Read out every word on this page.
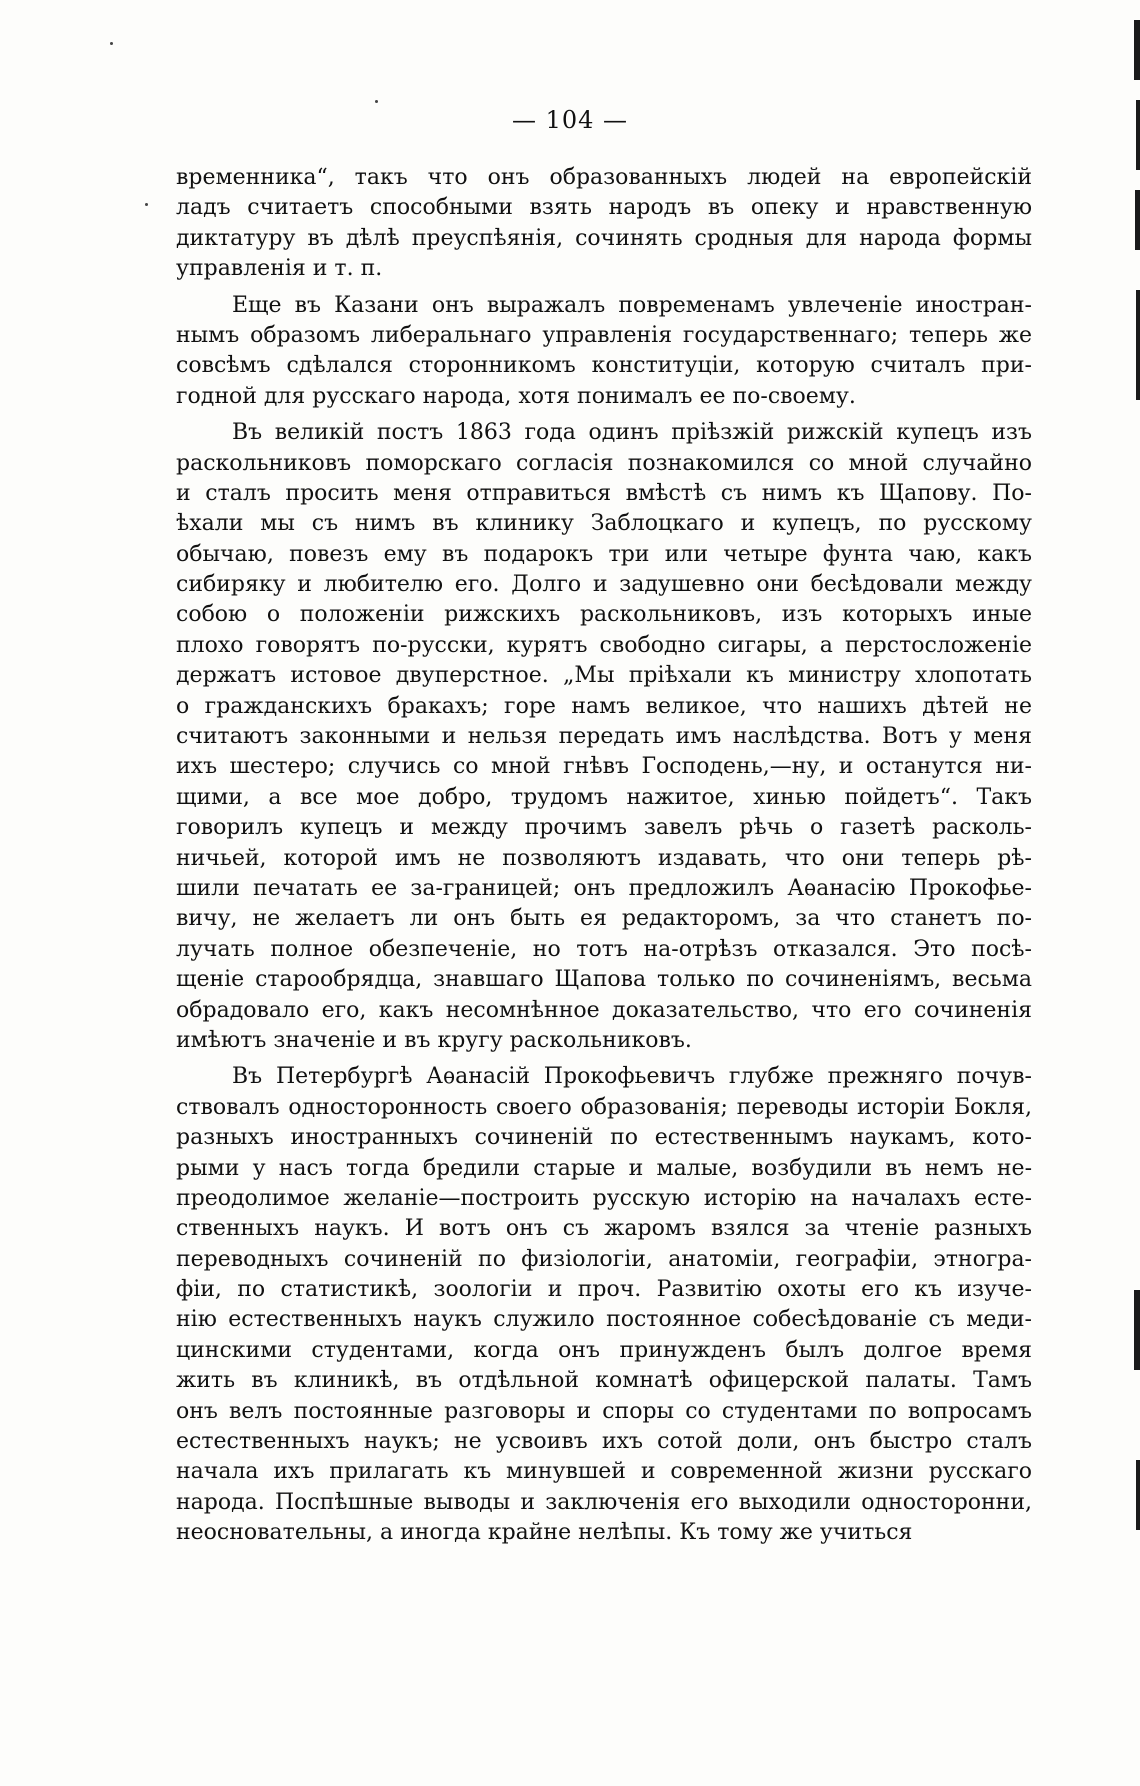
— 104 —
временника“, такъ что онъ образованныхъ людей на европейскій
ладъ считаетъ способными взять народъ въ опеку и нравственную
диктатуру въ дѣлѣ преуспѣянія, сочинять сродныя для народа формы
управленія и т. п.
Еще въ Казани онъ выражалъ повременамъ увлеченіе иностран-
нымъ образомъ либеральнаго управленія государственнаго; теперь же
совсѣмъ сдѣлался сторонникомъ конституціи, которую считалъ при-
годной для русскаго народа, хотя понималъ ее по-своему.
Въ великій постъ 1863 года одинъ пріѣзжій рижскій купецъ изъ
раскольниковъ поморскаго согласія познакомился со мной случайно
и сталъ просить меня отправиться вмѣстѣ съ нимъ къ Щапову. По-
ѣхали мы съ нимъ въ клинику Заблоцкаго и купецъ, по русскому
обычаю, повезъ ему въ подарокъ три или четыре фунта чаю, какъ
сибиряку и любителю его. Долго и задушевно они бесѣдовали между
собою о положеніи рижскихъ раскольниковъ, изъ которыхъ иные
плохо говорятъ по-русски, курятъ свободно сигары, а перстосложеніе
держатъ истовое двуперстное. „Мы пріѣхали къ министру хлопотать
о гражданскихъ бракахъ; горе намъ великое, что нашихъ дѣтей не
считаютъ законными и нельзя передать имъ наслѣдства. Вотъ у меня
ихъ шестеро; случись со мной гнѣвъ Господень,—ну, и останутся ни-
щими, а все мое добро, трудомъ нажитое, хинью пойдетъ“. Такъ
говорилъ купецъ и между прочимъ завелъ рѣчь о газетѣ расколь-
ничьей, которой имъ не позволяютъ издавать, что они теперь рѣ-
шили печатать ее за-границей; онъ предложилъ Аѳанасію Прокофье-
вичу, не желаетъ ли онъ быть ея редакторомъ, за что станетъ по-
лучать полное обезпеченіе, но тотъ на-отрѣзъ отказался. Это посѣ-
щеніе старообрядца, знавшаго Щапова только по сочиненіямъ, весьма
обрадовало его, какъ несомнѣнное доказательство, что его сочиненія
имѣютъ значеніе и въ кругу раскольниковъ.
Въ Петербургѣ Аѳанасій Прокофьевичъ глубже прежняго почув-
ствовалъ односторонность своего образованія; переводы исторіи Бокля,
разныхъ иностранныхъ сочиненій по естественнымъ наукамъ, кото-
рыми у насъ тогда бредили старые и малые, возбудили въ немъ не-
преодолимое желаніе—построить русскую исторію на началахъ есте-
ственныхъ наукъ. И вотъ онъ съ жаромъ взялся за чтеніе разныхъ
переводныхъ сочиненій по физіологіи, анатоміи, географіи, этногра-
фіи, по статистикѣ, зоологіи и проч. Развитію охоты его къ изуче-
нію естественныхъ наукъ служило постоянное собесѣдованіе съ меди-
цинскими студентами, когда онъ принужденъ былъ долгое время
жить въ клиникѣ, въ отдѣльной комнатѣ офицерской палаты. Тамъ
онъ велъ постоянные разговоры и споры со студентами по вопросамъ
естественныхъ наукъ; не усвоивъ ихъ сотой доли, онъ быстро сталъ
начала ихъ прилагать къ минувшей и современной жизни русскаго
народа. Поспѣшные выводы и заключенія его выходили односторонни,
неосновательны, а иногда крайне нелѣпы. Къ тому же учиться
